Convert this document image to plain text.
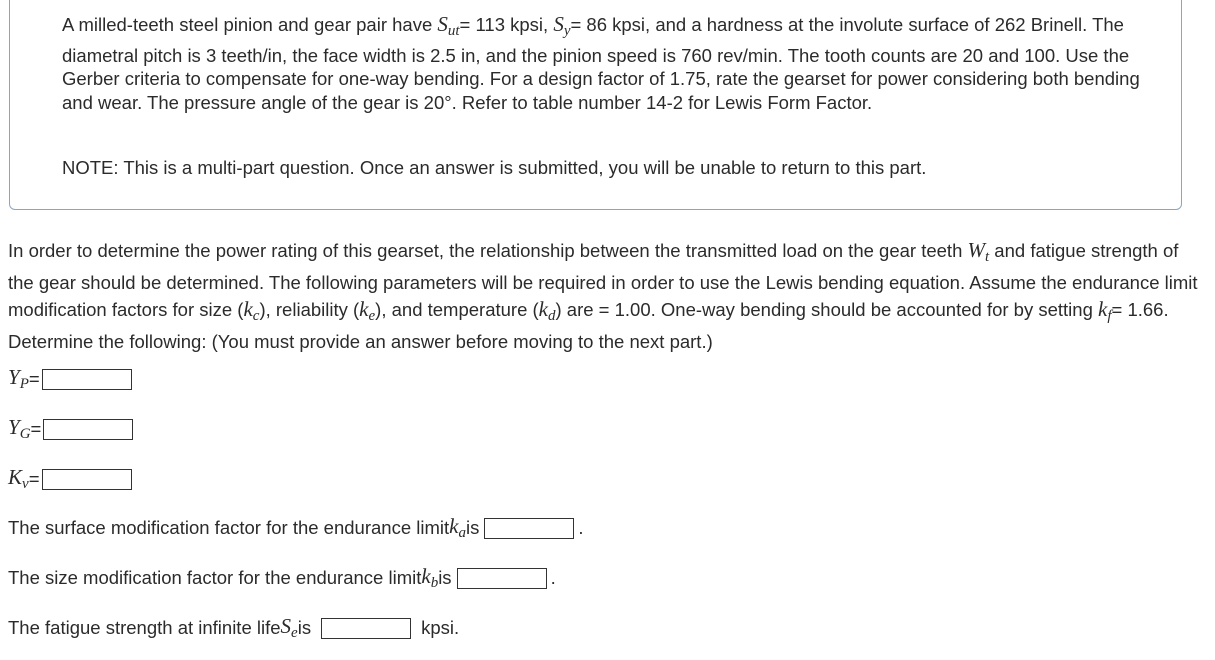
A milled-teeth steel pinion and gear pair have $S_{ut}= 113$ kpsi, $S_y= 86$ kpsi, and a hardness at the involute surface of 262 Brinell. The diametral pitch is 3 teeth/in, the face width is 2.5 in, and the pinion speed is 760 rev/min. The tooth counts are 20 and 100. Use the Gerber criteria to compensate for one-way bending. For a design factor of 1.75, rate the gearset for power considering both bending and wear. The pressure angle of the gear is 20°. Refer to table number 14-2 for Lewis Form Factor.
NOTE: This is a multi-part question. Once an answer is submitted, you will be unable to return to this part.
In order to determine the power rating of this gearset, the relationship between the transmitted load on the gear teeth $W_t$ and fatigue strength of the gear should be determined. The following parameters will be required in order to use the Lewis bending equation. Assume the endurance limit modification factors for size $(k_c)$, reliability $(k_e)$, and temperature $(k_d)$ are = 1.00. One-way bending should be accounted for by setting $k_f= 1.66$. Determine the following: (You must provide an answer before moving to the next part.)
$Y_P$ =
$Y_G$ =
$K_v$ =
The surface modification factor for the endurance limit $k_a$ is	.
The size modification factor for the endurance limit $k_b$ is	.
The fatigue strength at infinite life $S_e$ is	kpsi.
